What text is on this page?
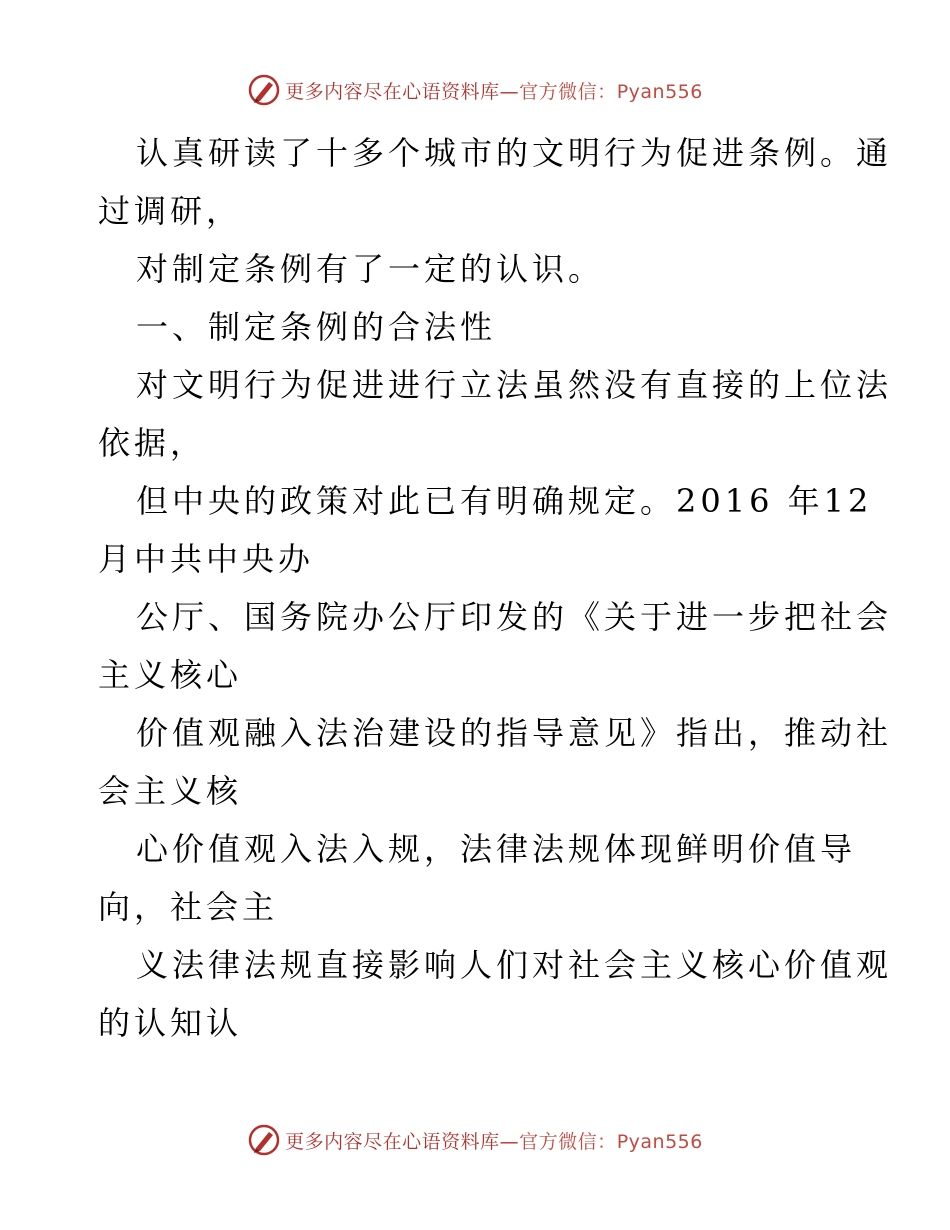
更多内容尽在心语资料库—官方微信：Pyan556
认真研读了十多个城市的文明行为促进条例。通
过调研，
对制定条例有了一定的认识。
一、制定条例的合法性
对文明行为促进进行立法虽然没有直接的上位法
依据，
但中央的政策对此已有明确规定。2016 年12
月中共中央办
公厅、国务院办公厅印发的《关于进一步把社会
主义核心
价值观融入法治建设的指导意见》指出，推动社
会主义核
心价值观入法入规，法律法规体现鲜明价值导
向，社会主
义法律法规直接影响人们对社会主义核心价值观
的认知认
更多内容尽在心语资料库—官方微信：Pyan556
